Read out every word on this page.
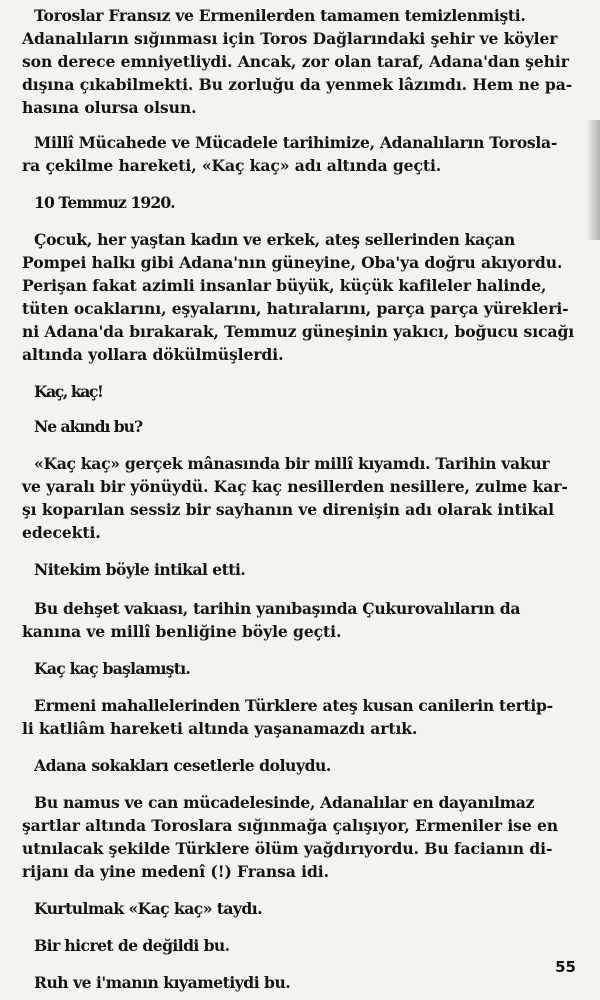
Toroslar Fransız ve Ermenilerden tamamen temizlenmişti.
Adanalıların sığınması için Toros Dağlarındaki şehir ve köyler
son derece emniyetliydi. Ancak, zor olan taraf, Adana'dan şehir
dışına çıkabilmekti. Bu zorluğu da yenmek lâzımdı. Hem ne pa-
hasına olursa olsun.

Millî Mücahede ve Mücadele tarihimize, Adanalıların Torosla-
ra çekilme hareketi, «Kaç kaç» adı altında geçti.

10 Temmuz 1920.

Çocuk, her yaştan kadın ve erkek, ateş sellerinden kaçan
Pompei halkı gibi Adana'nın güneyine, Oba'ya doğru akıyordu.
Perişan fakat azimli insanlar büyük, küçük kafileler halinde,
tüten ocaklarını, eşyalarını, hatıralarını, parça parça yürekleri-
ni Adana'da bırakarak, Temmuz güneşinin yakıcı, boğucu sıcağı
altında yollara dökülmüşlerdi.

Kaç, kaç!

Ne akındı bu?

«Kaç kaç» gerçek mânasında bir millî kıyamdı. Tarihin vakur
ve yaralı bir yönüydü. Kaç kaç nesillerden nesillere, zulme kar-
şı koparılan sessiz bir sayhanın ve direnişin adı olarak intikal
edecekti.

Nitekim böyle intikal etti.

Bu dehşet vakıası, tarihin yanıbaşında Çukurovalıların da
kanına ve millî benliğine böyle geçti.

Kaç kaç başlamıştı.

Ermeni mahallelerinden Türklere ateş kusan canilerin tertip-
li katliâm hareketi altında yaşanamazdı artık.

Adana sokakları cesetlerle doluydu.

Bu namus ve can mücadelesinde, Adanalılar en dayanılmaz
şartlar altında Toroslara sığınmağa çalışıyor, Ermeniler ise en
utnılacak şekilde Türklere ölüm yağdırıyordu. Bu facianın di-
rijanı da yine medenî (!) Fransa idi.

Kurtulmak «Kaç kaç» taydı.

Bir hicret de değildi bu.

Ruh ve i'manın kıyametiydi bu.

55
